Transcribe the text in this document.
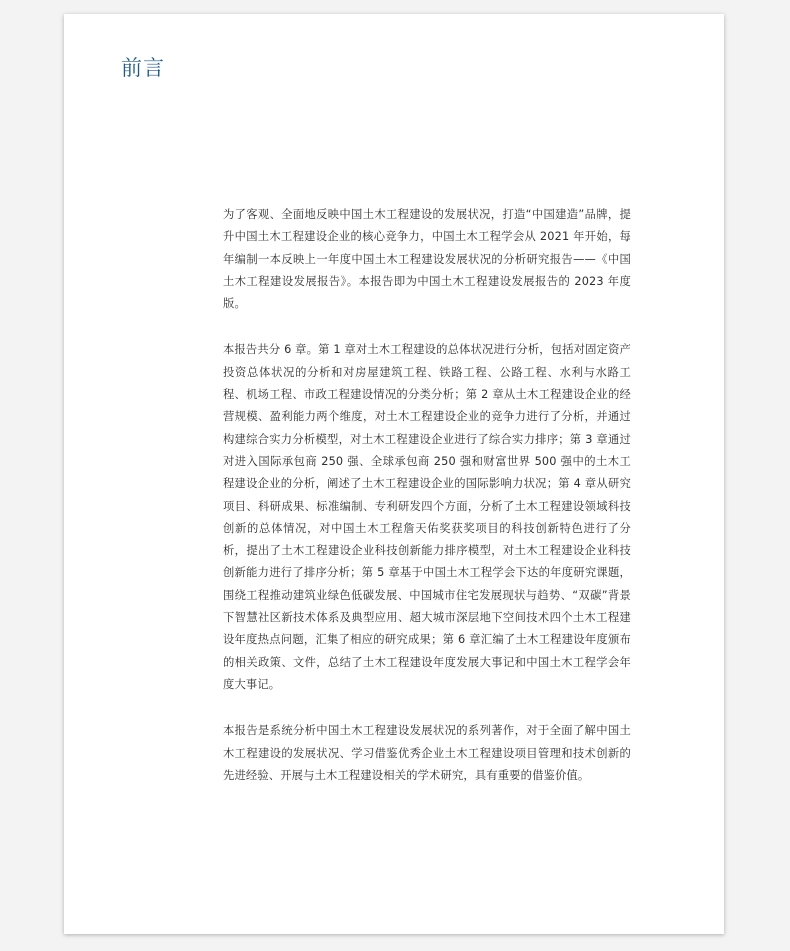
前言

为了客观、全面地反映中国土木工程建设的发展状况，打造“中国建造”品牌，提升中国土木工程建设企业的核心竞争力，中国土木工程学会从 2021 年开始，每年编制一本反映上一年度中国土木工程建设发展状况的分析研究报告——《中国土木工程建设发展报告》。本报告即为中国土木工程建设发展报告的 2023 年度版。

本报告共分 6 章。第 1 章对土木工程建设的总体状况进行分析，包括对固定资产投资总体状况的分析和对房屋建筑工程、铁路工程、公路工程、水利与水路工程、机场工程、市政工程建设情况的分类分析；第 2 章从土木工程建设企业的经营规模、盈利能力两个维度，对土木工程建设企业的竞争力进行了分析，并通过构建综合实力分析模型，对土木工程建设企业进行了综合实力排序；第 3 章通过对进入国际承包商 250 强、全球承包商 250 强和财富世界 500 强中的土木工程建设企业的分析，阐述了土木工程建设企业的国际影响力状况；第 4 章从研究项目、科研成果、标准编制、专利研发四个方面，分析了土木工程建设领域科技创新的总体情况，对中国土木工程詹天佑奖获奖项目的科技创新特色进行了分析，提出了土木工程建设企业科技创新能力排序模型，对土木工程建设企业科技创新能力进行了排序分析；第 5 章基于中国土木工程学会下达的年度研究课题，围绕工程推动建筑业绿色低碳发展、中国城市住宅发展现状与趋势、“双碳”背景下智慧社区新技术体系及典型应用、超大城市深层地下空间技术四个土木工程建设年度热点问题，汇集了相应的研究成果；第 6 章汇编了土木工程建设年度颁布的相关政策、文件，总结了土木工程建设年度发展大事记和中国土木工程学会年度大事记。

本报告是系统分析中国土木工程建设发展状况的系列著作，对于全面了解中国土木工程建设的发展状况、学习借鉴优秀企业土木工程建设项目管理和技术创新的先进经验、开展与土木工程建设相关的学术研究，具有重要的借鉴价值。
